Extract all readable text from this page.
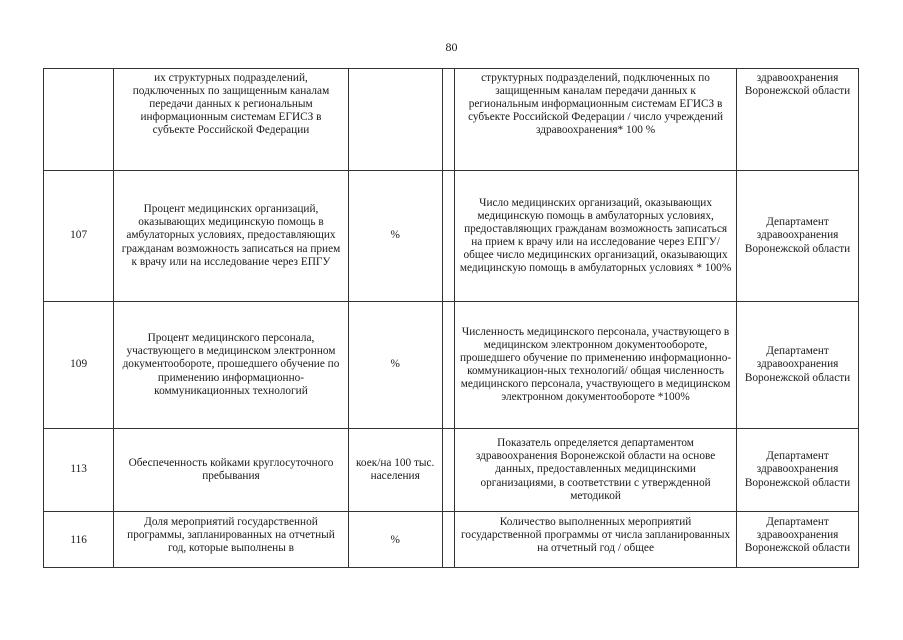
80
	их структурных подразделений, подключенных по защищенным каналам передачи данных к региональным информационным системам ЕГИСЗ в субъекте Российской Федерации			структурных подразделений, подключенных по защищенным каналам передачи данных к региональным информационным системам ЕГИСЗ в субъекте Российской Федерации / число учреждений здравоохранения* 100 %	здравоохранения Воронежской области
107	Процент медицинских организаций, оказывающих медицинскую помощь в амбулаторных условиях, предоставляющих гражданам возможность записаться на прием к врачу или на исследование через ЕПГУ	%		Число медицинских организаций, оказывающих медицинскую помощь в амбулаторных условиях, предоставляющих гражданам возможность записаться на прием к врачу или на исследование через ЕПГУ/ общее число медицинских организаций, оказывающих медицинскую помощь в амбулаторных условиях * 100%	Департамент здравоохранения Воронежской области
109	Процент медицинского персонала, участвующего в медицинском электронном документообороте, прошедшего обучение по применению информационно-коммуникационных технологий	%		Численность медицинского персонала, участвующего в медицинском электронном документообороте, прошедшего обучение по применению информационно-коммуникацион-ных технологий/ общая численность медицинского персонала, участвующего в медицинском электронном документообороте *100%	Департамент здравоохранения Воронежской области
113	Обеспеченность койками круглосуточного пребывания	коек/на 100 тыс. населения		Показатель определяется департаментом здравоохранения Воронежской области на основе данных, предоставленных медицинскими организациями, в соответствии с утвержденной методикой	Департамент здравоохранения Воронежской области
116	Доля мероприятий государственной программы, запланированных на отчетный год, которые выполнены в	%		Количество выполненных мероприятий государственной программы от числа запланированных на отчетный год / общее	Департамент здравоохранения Воронежской области
